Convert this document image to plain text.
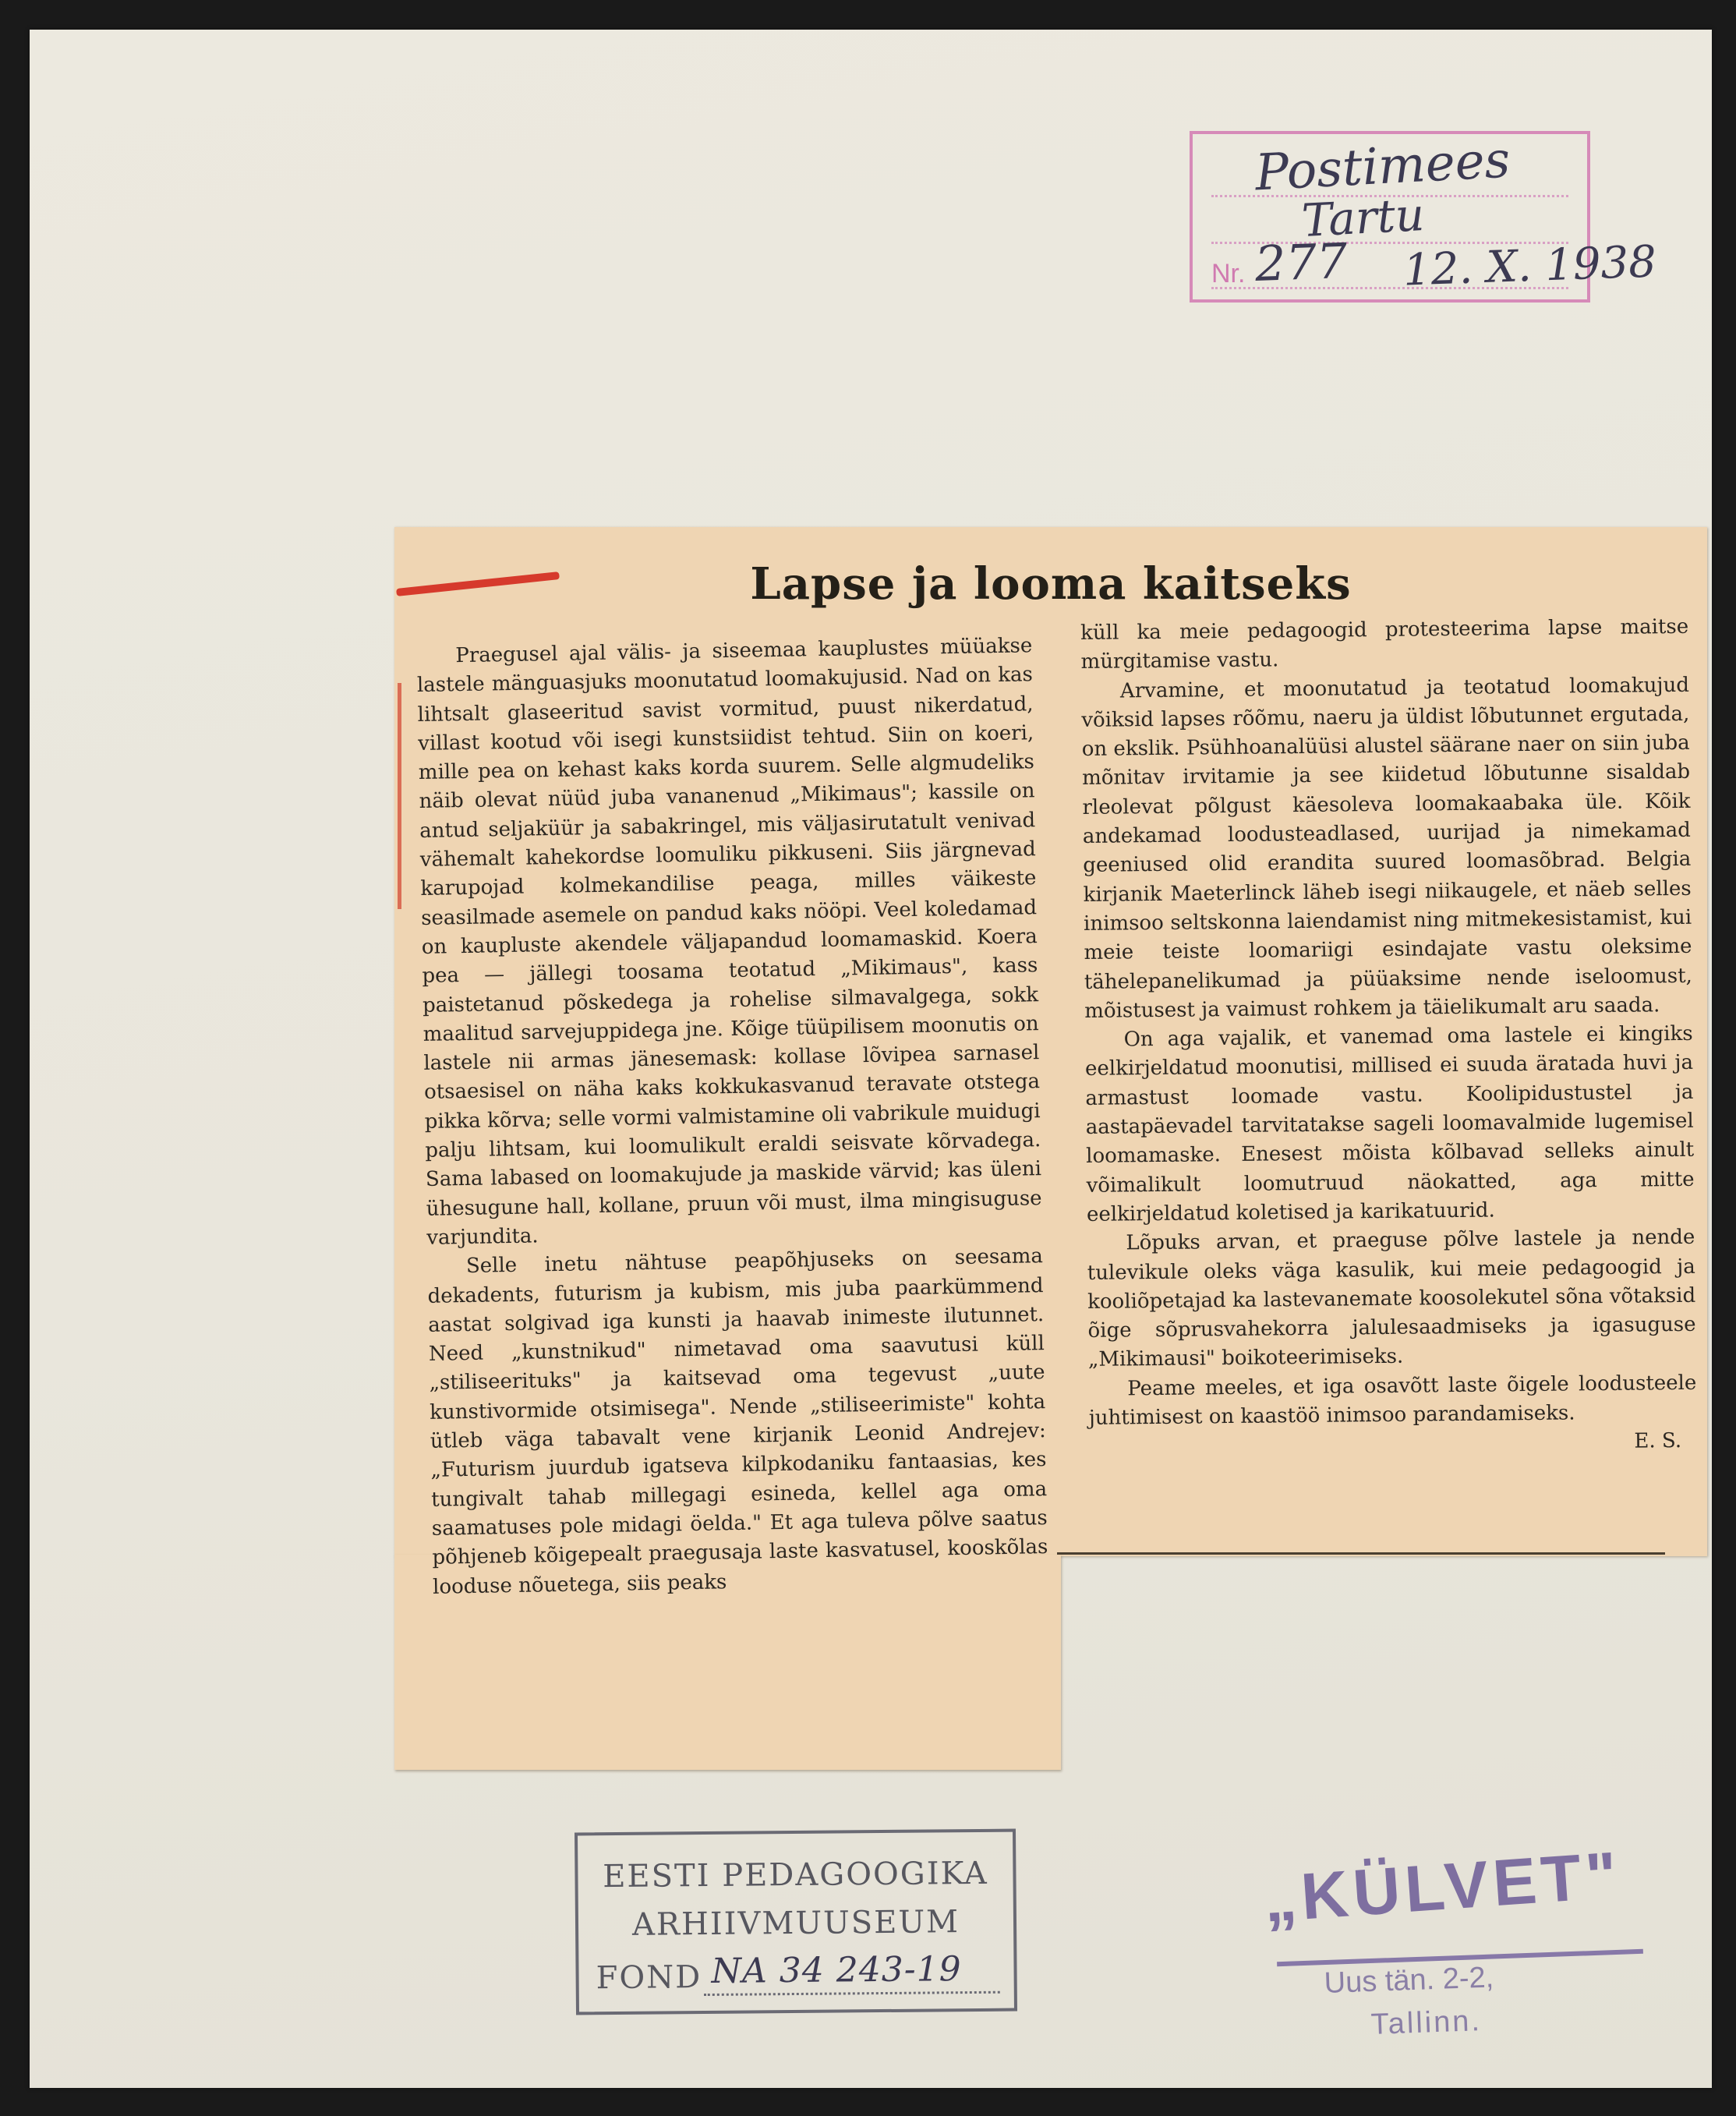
Postimees
Tartu
Nr. 277 12. X. 1938
Lapse ja looma kaitseks

Praegusel ajal välis- ja siseemaa kauplustes müüakse lastele mänguasjuks moonutatud loomakujusid. Nad on kas lihtsalt glaseeritud savist vormitud, puust nikerdatud, villast kootud või isegi kunstsiidist tehtud. Siin on koeri, mille pea on kehast kaks korda suurem. Selle algmudeliks näib olevat nüüd juba vananenud „Mikimaus"; kassile on antud seljaküür ja sabakringel, mis väljasirutatult venivad vähemalt kahekordse loomuliku pikkuseni. Siis järgnevad karupojad kolmekandilise peaga, milles väikeste seasilmade asemele on pandud kaks nööpi. Veel koledamad on kaupluste akendele väljapandud loomamaskid. Koera pea — jällegi toosama teotatud „Mikimaus", kass paistetanud põskedega ja rohelise silmavalgega, sokk maalitud sarvejuppidega jne. Kõige tüüpilisem moonutis on lastele nii armas jänesemask: kollase lõvipea sarnasel otsaesisel on näha kaks kokkukasvanud teravate otstega pikka kõrva; selle vormi valmistamine oli vabrikule muidugi palju lihtsam, kui loomulikult eraldi seisvate kõrvadega. Sama labased on loomakujude ja maskide värvid; kas üleni ühesugune hall, kollane, pruun või must, ilma mingisuguse varjundita.

Selle inetu nähtuse peapõhjuseks on seesama dekadents, futurism ja kubism, mis juba paarkümmend aastat solgivad iga kunsti ja haavab inimeste ilutunnet. Need „kunstnikud" nimetavad oma saavutusi küll „stiliseerituks" ja kaitsevad oma tegevust „uute kunstivormide otsimisega". Nende „stiliseerimiste" kohta ütleb väga tabavalt vene kirjanik Leonid Andrejev: „Futurism juurdub igatseva kilpkodaniku fantaasias, kes tungivalt tahab millegagi esineda, kellel aga oma saamatuses pole midagi öelda." Et aga tuleva põlve saatus põhjeneb kõigepealt praegusaja laste kasvatusel, kooskõlas looduse nõuetega, siis peaks

küll ka meie pedagoogid protesteerima lapse maitse mürgitamise vastu.

Arvamine, et moonutatud ja teotatud loomakujud võiksid lapses rõõmu, naeru ja üldist lõbutunnet ergutada, on ekslik. Psühhoanalüüsi alustel säärane naer on siin juba mõnitav irvitamie ja see kiidetud lõbutunne sisaldab rleolevat põlgust käesoleva loomakaabaka üle. Kõik andekamad loodusteadlased, uurijad ja nimekamad geeniused olid erandita suured loomasõbrad. Belgia kirjanik Maeterlinck läheb isegi niikaugele, et näeb selles inimsoo seltskonna laiendamist ning mitmekesistamist, kui meie teiste loomariigi esindajate vastu oleksime tähelepanelikumad ja püüaksime nende iseloomust, mõistusest ja vaimust rohkem ja täielikumalt aru saada.

On aga vajalik, et vanemad oma lastele ei kingiks eelkirjeldatud moonutisi, millised ei suuda äratada huvi ja armastust loomade vastu. Koolipidustustel ja aastapäevadel tarvitatakse sageli loomavalmide lugemisel loomamaske. Enesest mõista kõlbavad selleks ainult võimalikult loomutruud näokatted, aga mitte eelkirjeldatud koletised ja karikatuurid.

Lõpuks arvan, et praeguse põlve lastele ja nende tulevikule oleks väga kasulik, kui meie pedagoogid ja kooliõpetajad ka lastevanemate koosolekutel sõna võtaksid õige sõprusvahekorra jalulesaadmiseks ja igasuguse „Mikimausi" boikoteerimiseks.

Peame meeles, et iga osavõtt laste õigele loodusteele juhtimisest on kaastöö inimsoo parandamiseks.

E. S.

EESTI PEDAGOOGIKA
ARHIIVMUUSEUM
FOND NA 34 243-19
„KÜLVET"
Uus tän. 2-2,
Tallinn.
